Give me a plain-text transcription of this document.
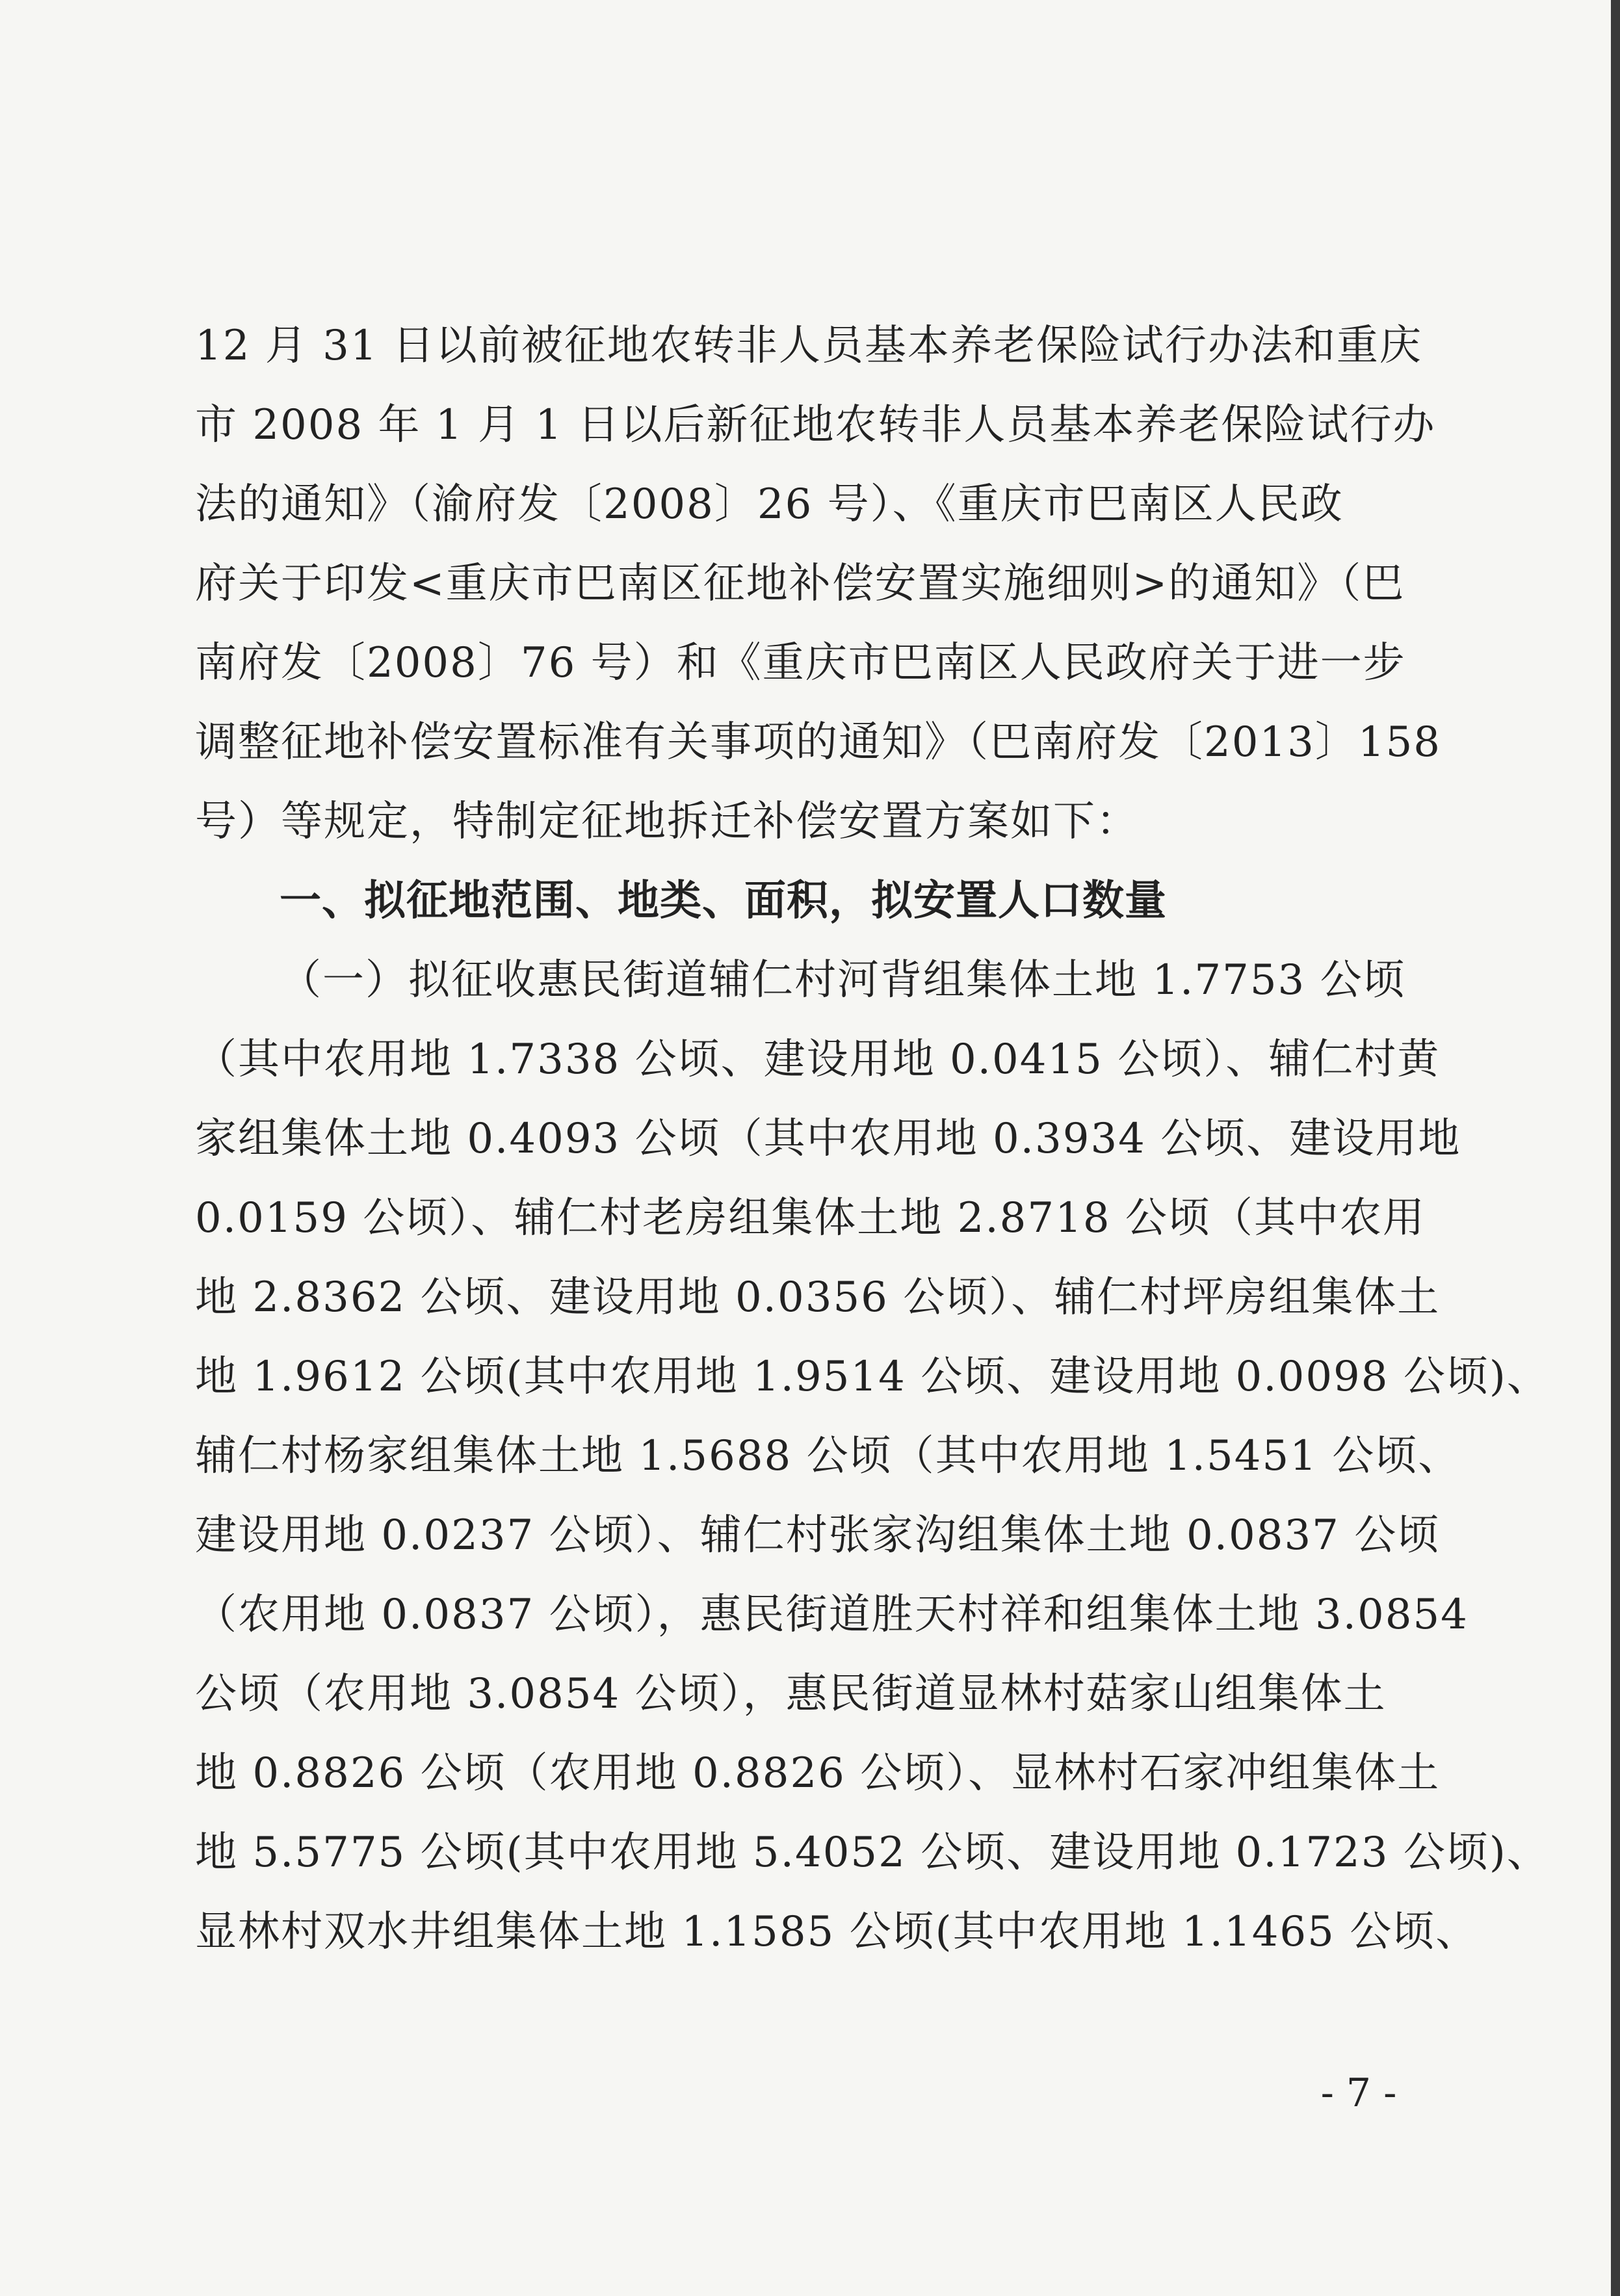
12 月 31 日以前被征地农转非人员基本养老保险试行办法和重庆
市 2008 年 1 月 1 日以后新征地农转非人员基本养老保险试行办
法的通知》（渝府发〔2008〕26 号）、《重庆市巴南区人民政
府关于印发<重庆市巴南区征地补偿安置实施细则>的通知》（巴
南府发〔2008〕76 号）和《重庆市巴南区人民政府关于进一步
调整征地补偿安置标准有关事项的通知》（巴南府发〔2013〕158
号）等规定，特制定征地拆迁补偿安置方案如下：
一、拟征地范围、地类、面积，拟安置人口数量
（一）拟征收惠民街道辅仁村河背组集体土地 1.7753 公顷
（其中农用地 1.7338 公顷、建设用地 0.0415 公顷）、辅仁村黄
家组集体土地 0.4093 公顷（其中农用地 0.3934 公顷、建设用地
0.0159 公顷）、辅仁村老房组集体土地 2.8718 公顷（其中农用
地 2.8362 公顷、建设用地 0.0356 公顷）、辅仁村坪房组集体土
地 1.9612 公顷(其中农用地 1.9514 公顷、建设用地 0.0098 公顷)、
辅仁村杨家组集体土地 1.5688 公顷（其中农用地 1.5451 公顷、
建设用地 0.0237 公顷）、辅仁村张家沟组集体土地 0.0837 公顷
（农用地 0.0837 公顷），惠民街道胜天村祥和组集体土地 3.0854
公顷（农用地 3.0854 公顷），惠民街道显林村菇家山组集体土
地 0.8826 公顷（农用地 0.8826 公顷）、显林村石家冲组集体土
地 5.5775 公顷(其中农用地 5.4052 公顷、建设用地 0.1723 公顷)、
显林村双水井组集体土地 1.1585 公顷(其中农用地 1.1465 公顷、
- 7 -
